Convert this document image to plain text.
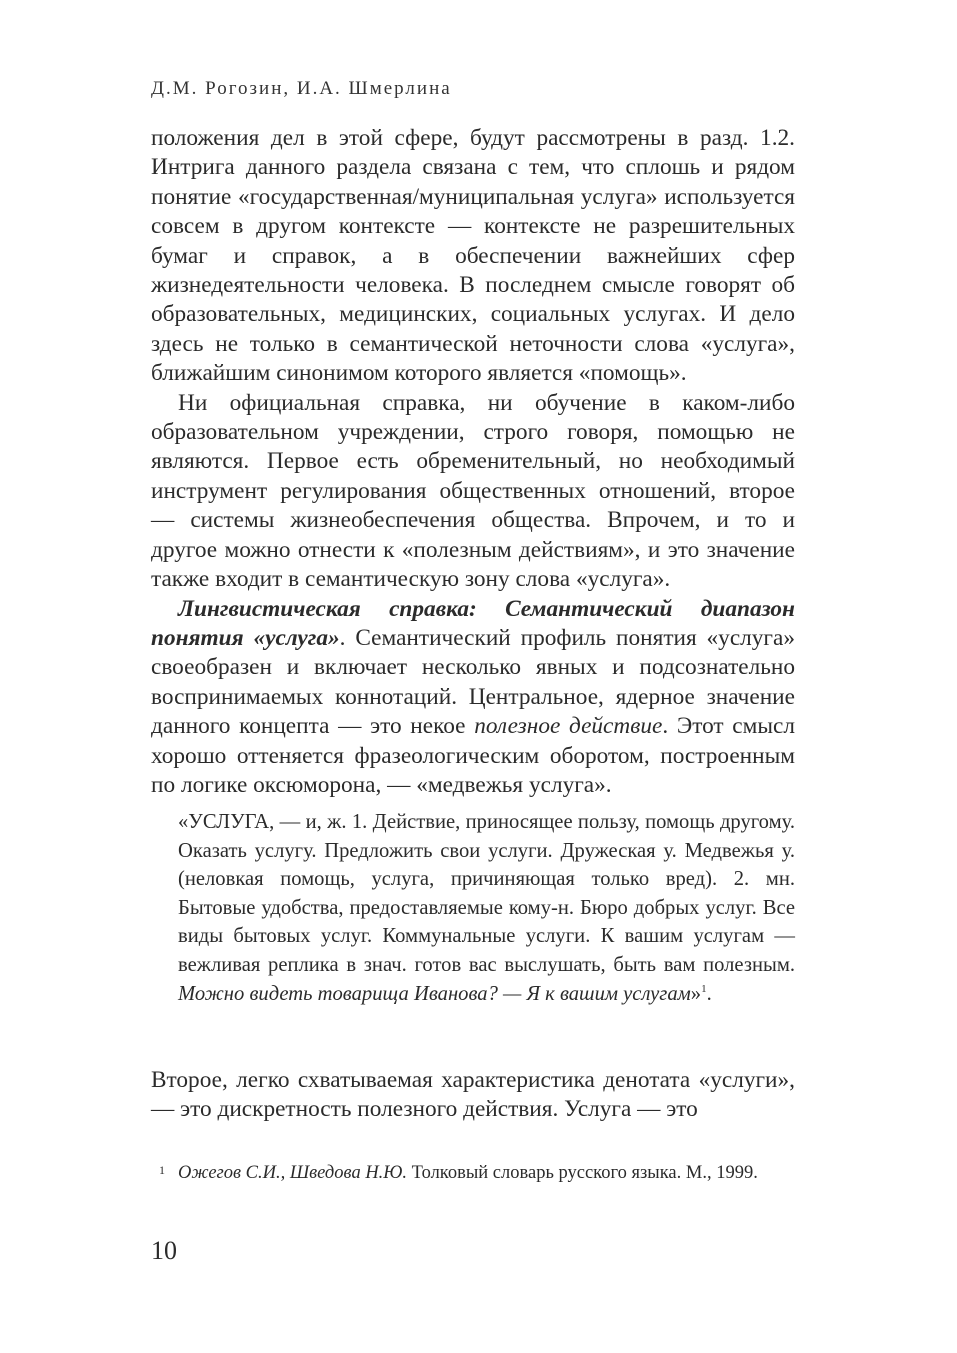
Д.М. Рогозин, И.А. Шмерлина

положения дел в этой сфере, будут рассмотрены в разд. 1.2. Интрига данного раздела связана с тем, что сплошь и рядом понятие «государственная/муниципальная услуга» используется совсем в другом контексте — контексте не разрешительных бумаг и справок, а в обеспечении важнейших сфер жизнедеятельности человека. В последнем смысле говорят об образовательных, медицинских, социальных услугах. И дело здесь не только в семантической неточности слова «услуга», ближайшим синонимом которого является «помощь».

Ни официальная справка, ни обучение в каком-либо образовательном учреждении, строго говоря, помощью не являются. Первое есть обременительный, но необходимый инструмент регулирования общественных отношений, второе — системы жизнеобеспечения общества. Впрочем, и то и другое можно отнести к «полезным действиям», и это значение также входит в семантическую зону слова «услуга».

Лингвистическая справка: Семантический диапазон понятия «услуга». Семантический профиль понятия «услуга» своеобразен и включает несколько явных и подсознательно воспринимаемых коннотаций. Центральное, ядерное значение данного концепта — это некое полезное действие. Этот смысл хорошо оттеняется фразеологическим оборотом, построенным по логике оксюморона, — «медвежья услуга».

«УСЛУГА, — и, ж. 1. Действие, приносящее пользу, помощь другому. Оказать услугу. Предложить свои услуги. Дружеская у. Медвежья у. (неловкая помощь, услуга, причиняющая только вред). 2. мн. Бытовые удобства, предоставляемые кому-н. Бюро добрых услуг. Все виды бытовых услуг. Коммунальные услуги. К вашим услугам — вежливая реплика в знач. готов вас выслушать, быть вам полезным. Можно видеть товарища Иванова? — Я к вашим услугам»$^1$.

Второе, легко схватываемая характеристика денотата «услуги», — это дискретность полезного действия. Услуга — это

1 Ожегов С.И., Шведова Н.Ю. Толковый словарь русского языка. М., 1999.

10
